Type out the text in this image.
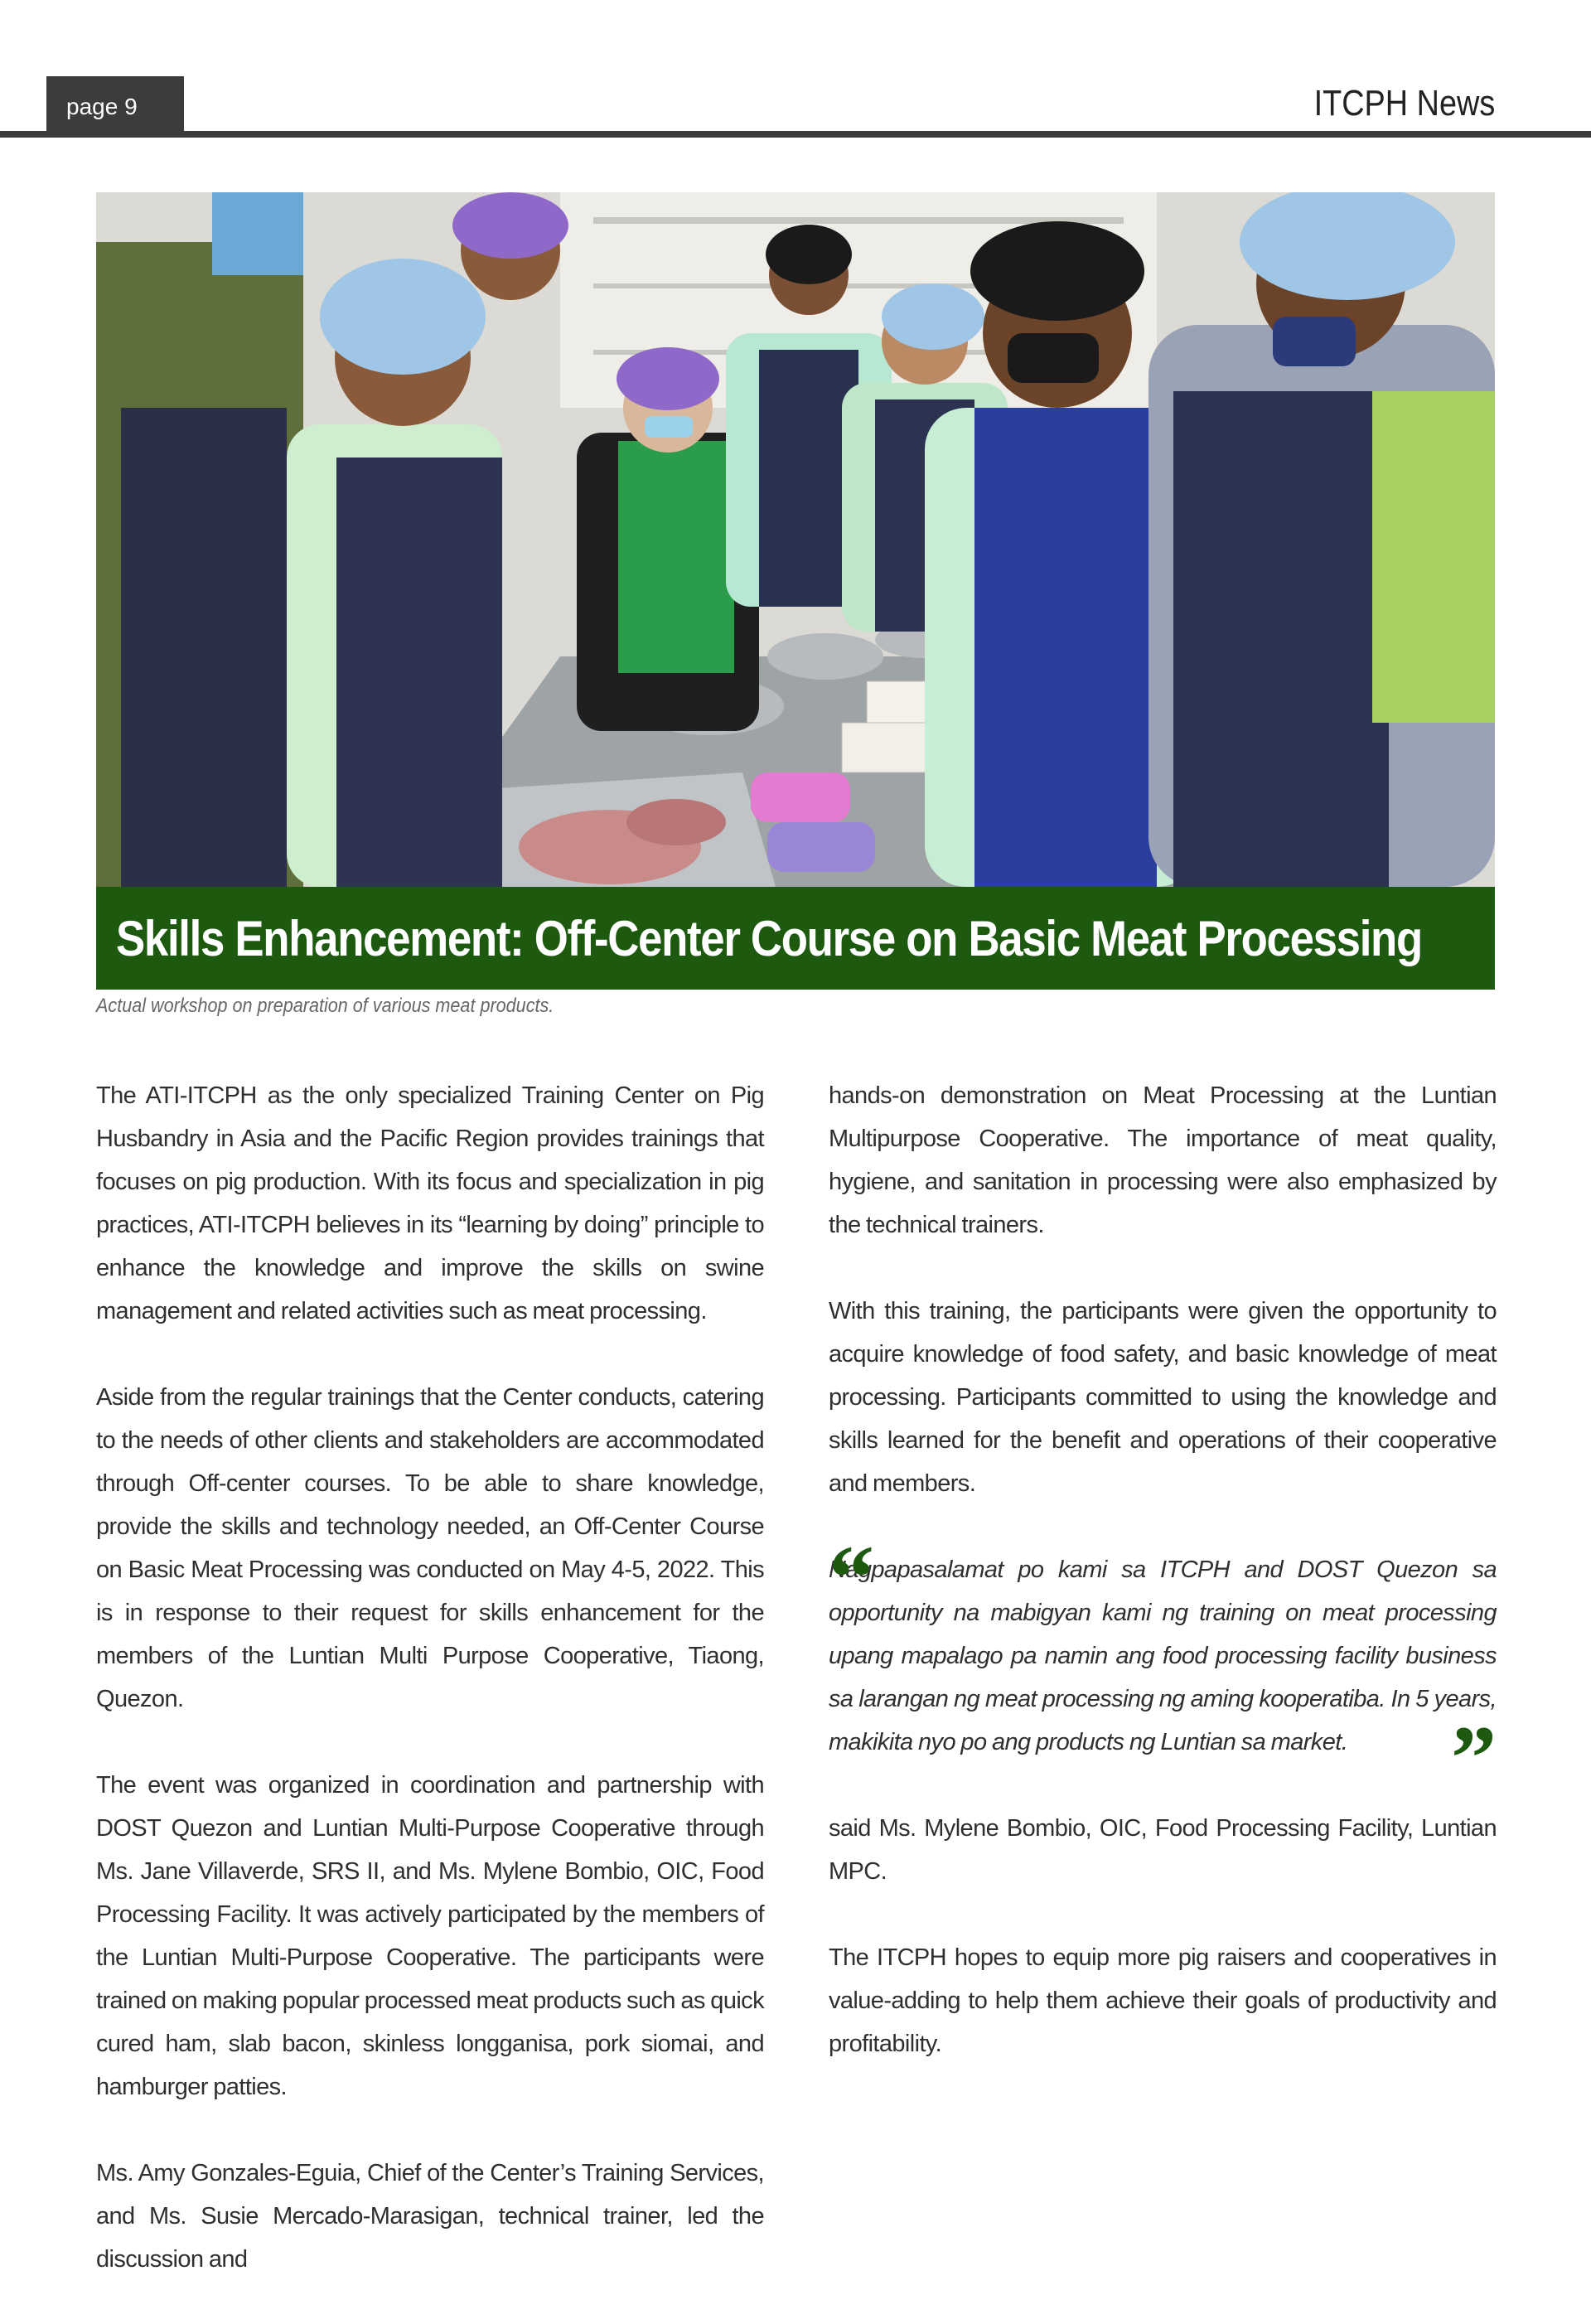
page 9	ITCPH News
Skills Enhancement: Off-Center Course on Basic Meat Processing
Actual workshop on preparation of various meat products.

The ATI-ITCPH as the only specialized Training Center on Pig Husbandry in Asia and the Pacific Region provides trainings that focuses on pig production. With its focus and specialization in pig practices, ATI-ITCPH believes in its “learning by doing” principle to enhance the knowledge and improve the skills on swine management and related activities such as meat processing.

Aside from the regular trainings that the Center conducts, catering to the needs of other clients and stakeholders are accommodated through Off-center courses. To be able to share knowledge, provide the skills and technology needed, an Off-Center Course on Basic Meat Processing was conducted on May 4-5, 2022. This is in response to their request for skills enhancement for the members of the Luntian Multi Purpose Cooperative, Tiaong, Quezon.

The event was organized in coordination and partnership with DOST Quezon and Luntian Multi-Purpose Cooperative through Ms. Jane Villaverde, SRS II, and Ms. Mylene Bombio, OIC, Food Processing Facility. It was actively participated by the members of the Luntian Multi-Purpose Cooperative. The participants were trained on making popular processed meat products such as quick cured ham, slab bacon, skinless longganisa, pork siomai, and hamburger patties.

Ms. Amy Gonzales-Eguia, Chief of the Center’s Training Services, and Ms. Susie Mercado-Marasigan, technical trainer, led the discussion and

hands-on demonstration on Meat Processing at the Luntian Multipurpose Cooperative. The importance of meat quality, hygiene, and sanitation in processing were also emphasized by the technical trainers.

With this training, the participants were given the opportunity to acquire knowledge of food safety, and basic knowledge of meat processing. Participants committed to using the knowledge and skills learned for the benefit and operations of their cooperative and members.

“

Nagpapasalamat po kami sa ITCPH and DOST Quezon sa opportunity na mabigyan kami ng training on meat processing upang mapalago pa namin ang food processing facility business sa larangan ng meat processing ng aming kooperatiba. In 5 years, makikita nyo po ang products ng Luntian sa market.	”

said Ms. Mylene Bombio, OIC, Food Processing Facility, Luntian MPC.

The ITCPH hopes to equip more pig raisers and cooperatives in value-adding to help them achieve their goals of productivity and profitability.
